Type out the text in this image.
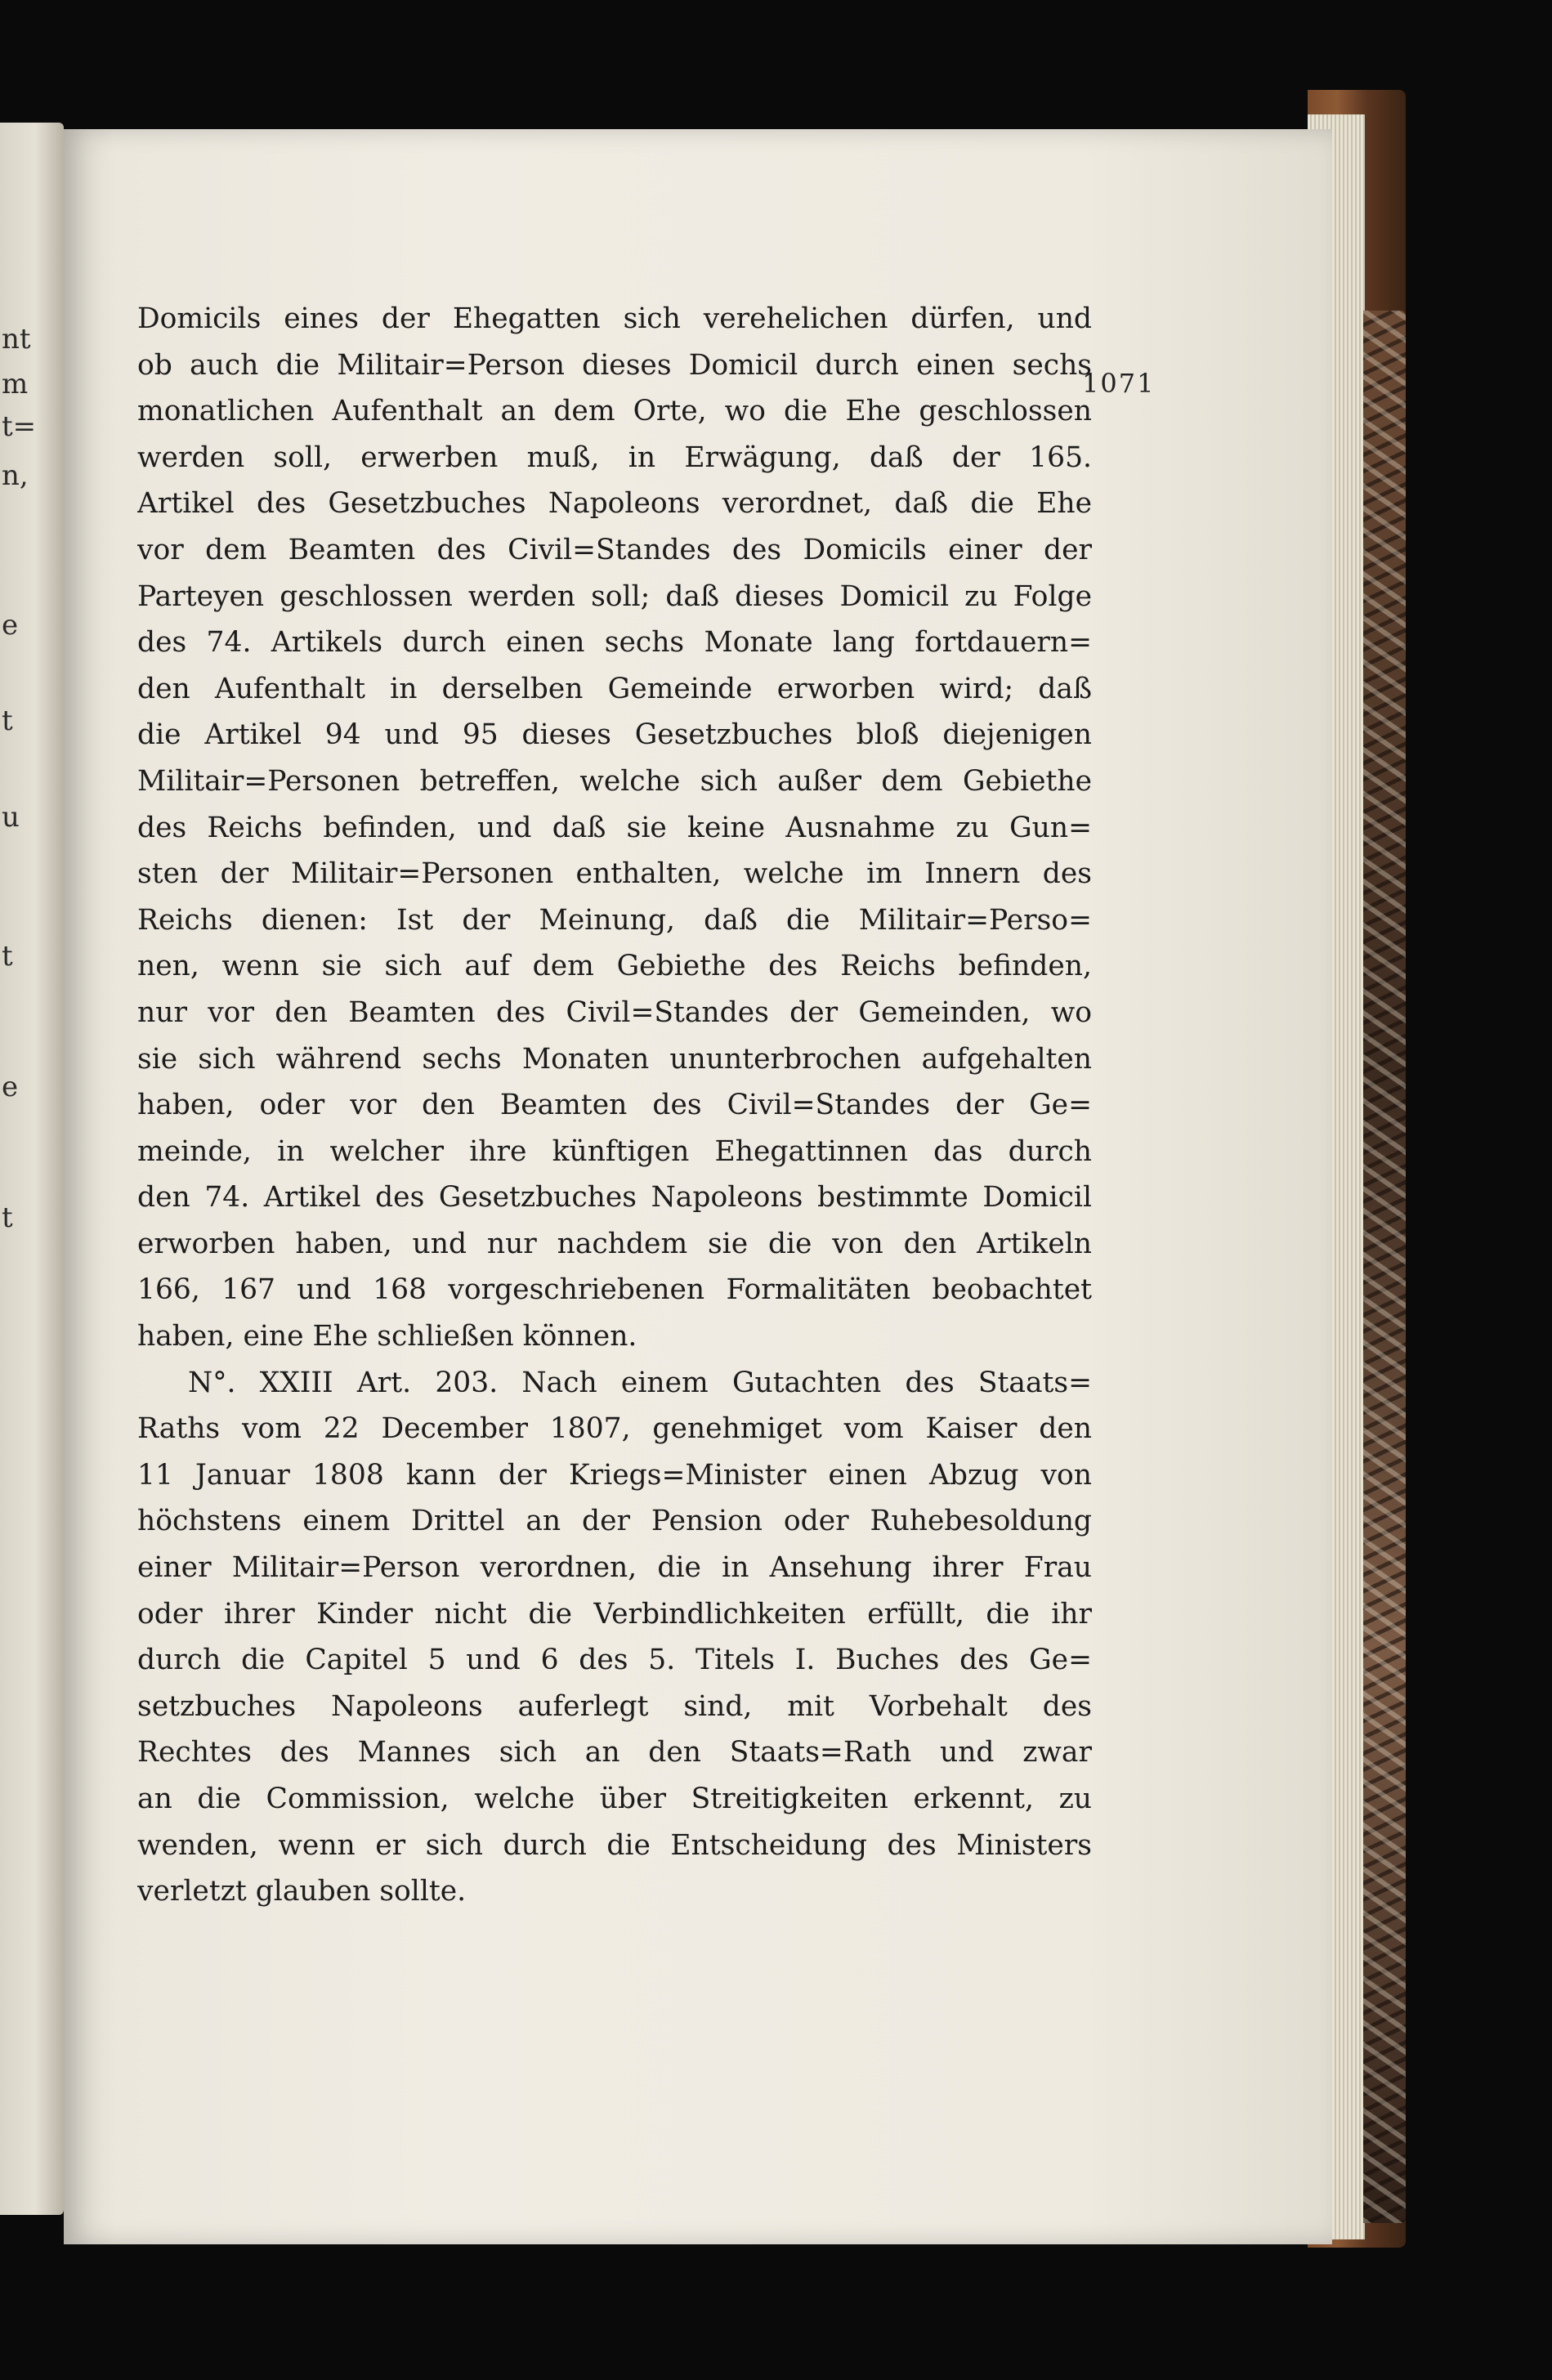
nt
m
t=
n,
e
t
u
t
e
t
1071
Domicils eines der Ehegatten sich verehelichen dürfen, und
ob auch die Militair=Person dieses Domicil durch einen sechs
monatlichen Aufenthalt an dem Orte, wo die Ehe geschlossen
werden soll, erwerben muß, in Erwägung, daß der 165.
Artikel des Gesetzbuches Napoleons verordnet, daß die Ehe
vor dem Beamten des Civil=Standes des Domicils einer der
Parteyen geschlossen werden soll; daß dieses Domicil zu Folge
des 74. Artikels durch einen sechs Monate lang fortdauern=
den Aufenthalt in derselben Gemeinde erworben wird; daß
die Artikel 94 und 95 dieses Gesetzbuches bloß diejenigen
Militair=Personen betreffen, welche sich außer dem Gebiethe
des Reichs befinden, und daß sie keine Ausnahme zu Gun=
sten der Militair=Personen enthalten, welche im Innern des
Reichs dienen: Ist der Meinung, daß die Militair=Perso=
nen, wenn sie sich auf dem Gebiethe des Reichs befinden,
nur vor den Beamten des Civil=Standes der Gemeinden, wo
sie sich während sechs Monaten ununterbrochen aufgehalten
haben, oder vor den Beamten des Civil=Standes der Ge=
meinde, in welcher ihre künftigen Ehegattinnen das durch
den 74. Artikel des Gesetzbuches Napoleons bestimmte Domicil
erworben haben, und nur nachdem sie die von den Artikeln
166, 167 und 168 vorgeschriebenen Formalitäten beobachtet
haben, eine Ehe schließen können.
N°. XXIII Art. 203. Nach einem Gutachten des Staats=
Raths vom 22 December 1807, genehmiget vom Kaiser den
11 Januar 1808 kann der Kriegs=Minister einen Abzug von
höchstens einem Drittel an der Pension oder Ruhebesoldung
einer Militair=Person verordnen, die in Ansehung ihrer Frau
oder ihrer Kinder nicht die Verbindlichkeiten erfüllt, die ihr
durch die Capitel 5 und 6 des 5. Titels I. Buches des Ge=
setzbuches Napoleons auferlegt sind, mit Vorbehalt des
Rechtes des Mannes sich an den Staats=Rath und zwar
an die Commission, welche über Streitigkeiten erkennt, zu
wenden, wenn er sich durch die Entscheidung des Ministers
verletzt glauben sollte.
